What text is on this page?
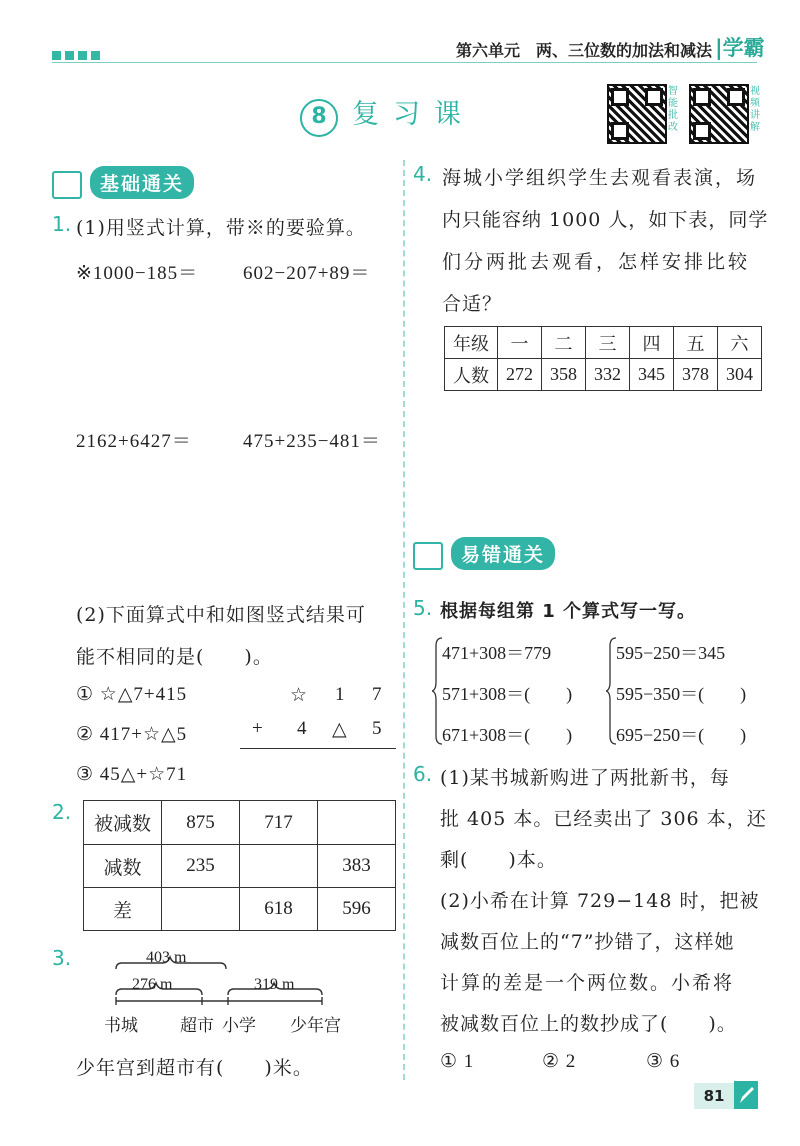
第六单元　两、三位数的加法和减法 |学霸
8 复习课
智能批改
视频讲解
基础通关
1. (1)用竖式计算，带※的要验算。
※1000−185＝ 602−207+89＝
2162+6427＝	475+235−481＝
(2)下面算式中和如图竖式结果可
能不相同的是(　　)。
① ☆△7+415
② 417+☆△5
③ 45△+☆71
☆ 1 7
+ 4 △ 5
2.
被减数	875	717	
减数	235		383
差		618	596
3.	403 m
276 m	319 m
书城 超市 小学 少年宫
少年宫到超市有(　　)米。
4. 海城小学组织学生去观看表演，场
内只能容纳 1000 人，如下表，同学
们分两批去观看，怎样安排比较
合适？
年级	一	二	三	四	五	六
人数	272	358	332	345	378	304
易错通关
5. 根据每组第 1 个算式写一写。
471+308＝779
571+308＝(　　)
671+308＝(　　)
595−250＝345
595−350＝(　　)
695−250＝(　　)
6. (1)某书城新购进了两批新书，每
批 405 本。已经卖出了 306 本，还
剩(　　)本。
(2)小希在计算 729−148 时，把被
减数百位上的“7”抄错了，这样她
计算的差是一个两位数。小希将
被减数百位上的数抄成了(　　)。
① 1	② 2	③ 6
81
